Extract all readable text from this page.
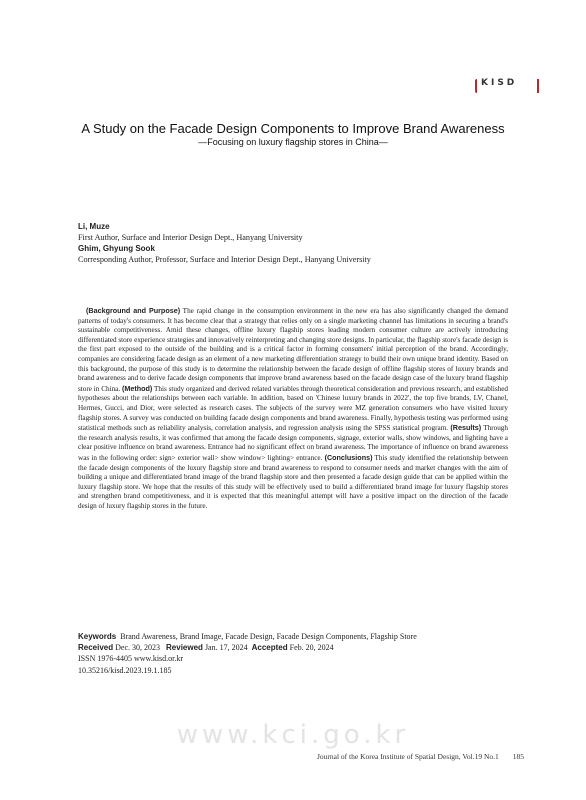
KISD
A Study on the Facade Design Components to Improve Brand Awareness
—Focusing on luxury flagship stores in China—
Li, Muze
First Author, Surface and Interior Design Dept., Hanyang University
Ghim, Ghyung Sook
Corresponding Author, Professor, Surface and Interior Design Dept., Hanyang University
(Background and Purpose) The rapid change in the consumption environment in the new era has also significantly changed the demand patterns of today's consumers. It has become clear that a strategy that relies only on a single marketing channel has limitations in securing a brand's sustainable competitiveness. Amid these changes, offline luxury flagship stores leading modern consumer culture are actively introducing differentiated store experience strategies and innovatively reinterpreting and changing store designs. In particular, the flagship store's facade design is the first part exposed to the outside of the building and is a critical factor in forming consumers' initial perception of the brand. Accordingly, companies are considering facade design as an element of a new marketing differentiation strategy to build their own unique brand identity. Based on this background, the purpose of this study is to determine the relationship between the facade design of offline flagship stores of luxury brands and brand awareness and to derive facade design components that improve brand awareness based on the facade design case of the luxury brand flagship store in China. (Method) This study organized and derived related variables through theoretical consideration and previous research, and established hypotheses about the relationships between each variable. In addition, based on 'Chinese luxury brands in 2022', the top five brands, LV, Chanel, Hermes, Gucci, and Dior, were selected as research cases. The subjects of the survey were MZ generation consumers who have visited luxury flagship stores. A survey was conducted on building facade design components and brand awareness. Finally, hypothesis testing was performed using statistical methods such as reliability analysis, correlation analysis, and regression analysis using the SPSS statistical program. (Results) Through the research analysis results, it was confirmed that among the facade design components, signage, exterior walls, show windows, and lighting have a clear positive influence on brand awareness. Entrance had no significant effect on brand awareness. The importance of influence on brand awareness was in the following order: sign> exterior wall> show window> lighting> entrance. (Conclusions) This study identified the relationship between the facade design components of the luxury flagship store and brand awareness to respond to consumer needs and market changes with the aim of building a unique and differentiated brand image of the brand flagship store and then presented a facade design guide that can be applied within the luxury flagship store. We hope that the results of this study will be effectively used to build a differentiated brand image for luxury flagship stores and strengthen brand competitiveness, and it is expected that this meaningful attempt will have a positive impact on the direction of the facade design of luxury flagship stores in the future.
Keywords Brand Awareness, Brand Image, Facade Design, Facade Design Components, Flagship Store
Received Dec. 30, 2023 Reviewed Jan. 17, 2024 Accepted Feb. 20, 2024
ISSN 1976-4405 www.kisd.or.kr
10.35216/kisd.2023.19.1.185
www.kci.go.kr
Journal of the Korea Institute of Spatial Design, Vol.19 No.1 185
